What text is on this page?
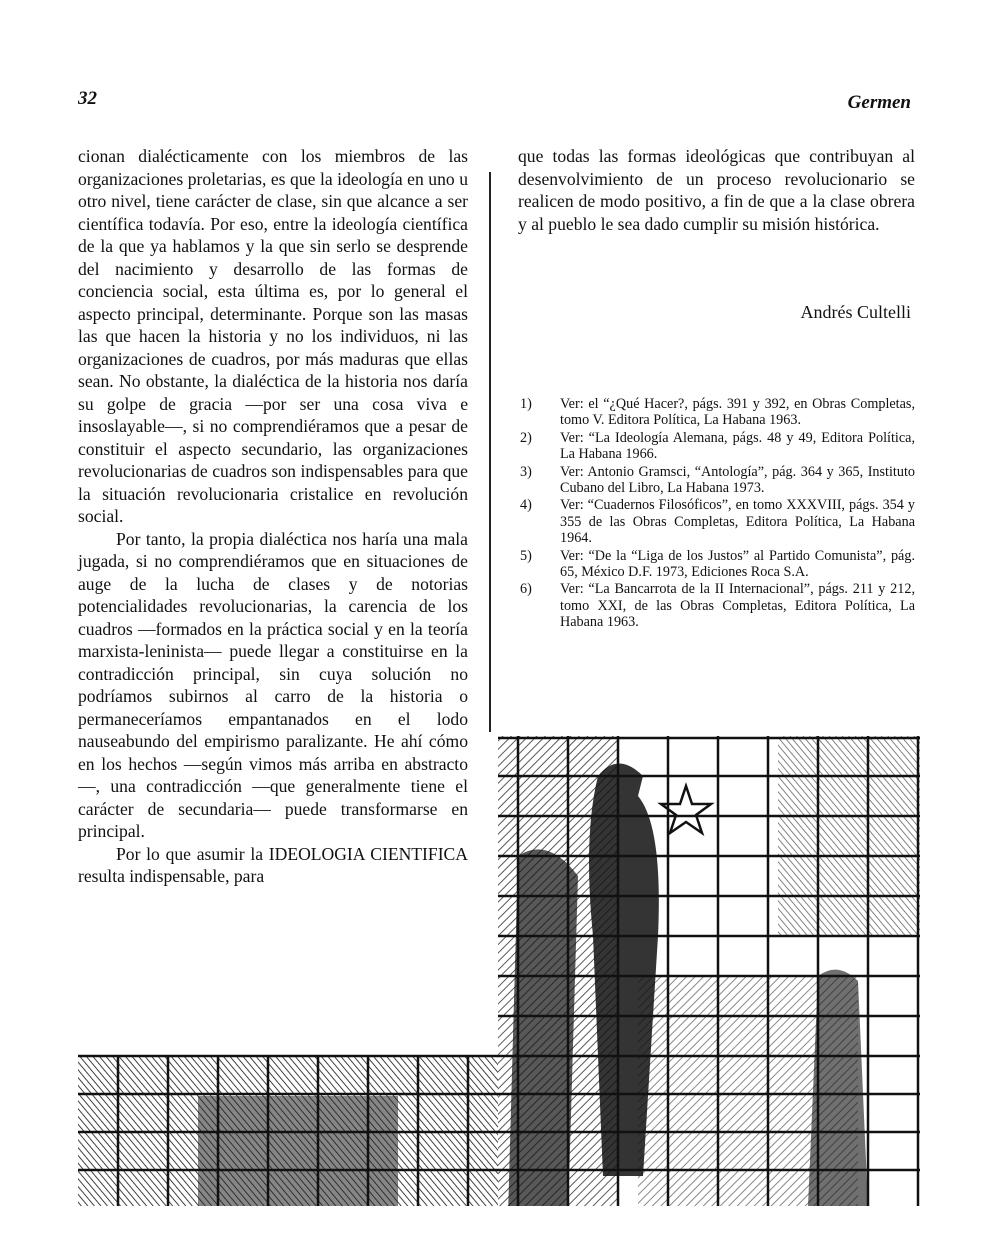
32	Germen

cionan dialécticamente con los miembros de las organizaciones proletarias, es que la ideología en uno u otro nivel, tiene carácter de clase, sin que alcance a ser científica todavía. Por eso, entre la ideología científica de la que ya hablamos y la que sin serlo se desprende del nacimiento y desarrollo de las formas de conciencia social, esta última es, por lo general el aspecto principal, determinante. Porque son las masas las que hacen la historia y no los individuos, ni las organizaciones de cuadros, por más maduras que ellas sean. No obstante, la dialéctica de la historia nos daría su golpe de gracia —por ser una cosa viva e insoslayable—, si no comprendiéramos que a pesar de constituir el aspecto secundario, las organizaciones revolucionarias de cuadros son indispensables para que la situación revolucionaria cristalice en revolución social.

Por tanto, la propia dialéctica nos haría una mala jugada, si no comprendiéramos que en situaciones de auge de la lucha de clases y de notorias potencialidades revolucionarias, la carencia de los cuadros —formados en la práctica social y en la teoría marxista-leninista— puede llegar a constituirse en la contradicción principal, sin cuya solución no podríamos subirnos al carro de la historia o permaneceríamos empantanados en el lodo nauseabundo del empirismo paralizante. He ahí cómo en los hechos —según vimos más arriba en abstracto—, una contradicción —que generalmente tiene el carácter de secundaria— puede transformarse en principal.

Por lo que asumir la IDEOLOGIA CIENTIFICA resulta indispensable, para

que todas las formas ideológicas que contribuyan al desenvolvimiento de un proceso revolucionario se realicen de modo positivo, a fin de que a la clase obrera y al pueblo le sea dado cumplir su misión histórica.

Andrés Cultelli
1)	Ver: el “¿Qué Hacer?, págs. 391 y 392, en Obras Completas, tomo V. Editora Política, La Habana 1963.
2)	Ver: “La Ideología Alemana, págs. 48 y 49, Editora Política, La Habana 1966.
3)	Ver: Antonio Gramsci, “Antología”, pág. 364 y 365, Instituto Cubano del Libro, La Habana 1973.
4)	Ver: “Cuadernos Filosóficos”, en tomo XXXVIII, págs. 354 y 355 de las Obras Completas, Editora Política, La Habana 1964.
5)	Ver: “De la “Liga de los Justos” al Partido Comunista”, pág. 65, México D.F. 1973, Ediciones Roca S.A.
6)	Ver: “La Bancarrota de la II Internacional”, págs. 211 y 212, tomo XXI, de las Obras Completas, Editora Política, La Habana 1963.
